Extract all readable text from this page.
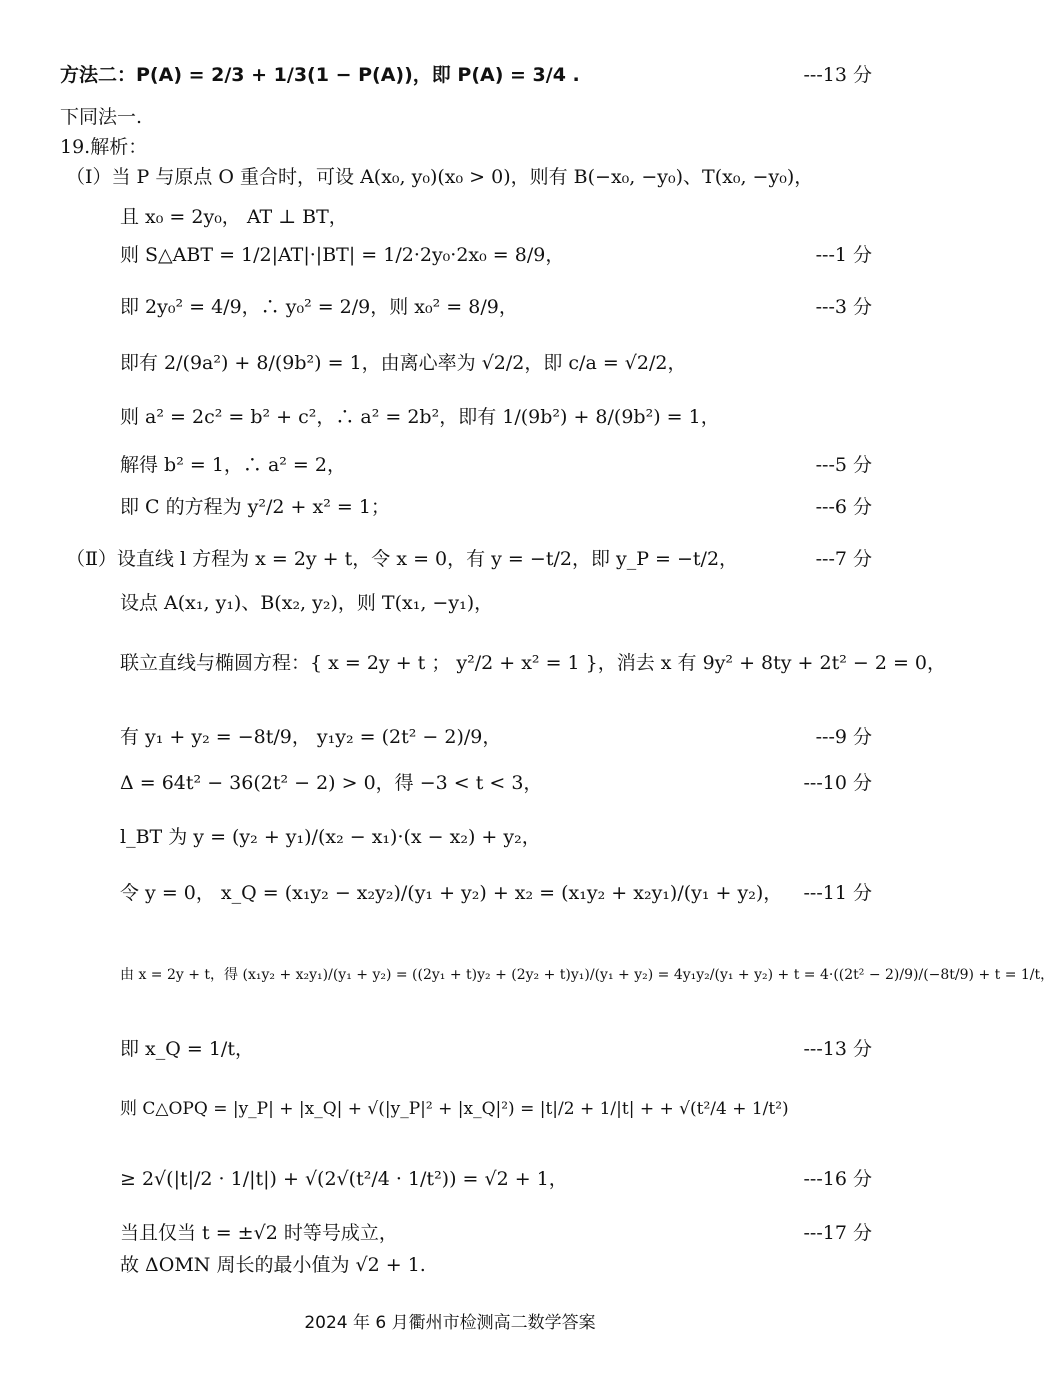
方法二：P(A) = 2/3 + 1/3(1 − P(A))，即 P(A) = 3/4 .	---13 分
下同法一.
19.解析：
（Ⅰ）当 P 与原点 O 重合时，可设 A(x₀, y₀)(x₀ > 0)，则有 B(−x₀, −y₀)、T(x₀, −y₀)，
且 x₀ = 2y₀， AT ⊥ BT，
则 S△ABT = 1/2|AT|·|BT| = 1/2·2y₀·2x₀ = 8/9，	---1 分
即 2y₀² = 4/9，∴ y₀² = 2/9，则 x₀² = 8/9，	---3 分
即有 2/(9a²) + 8/(9b²) = 1，由离心率为 √2/2，即 c/a = √2/2，
则 a² = 2c² = b² + c²，∴ a² = 2b²，即有 1/(9b²) + 8/(9b²) = 1，
解得 b² = 1，∴ a² = 2，	---5 分
即 C 的方程为 y²/2 + x² = 1；	---6 分
（Ⅱ）设直线 l 方程为 x = 2y + t，令 x = 0，有 y = −t/2，即 y_P = −t/2，	---7 分
设点 A(x₁, y₁)、B(x₂, y₂)，则 T(x₁, −y₁)，
联立直线与椭圆方程：{ x = 2y + t ； y²/2 + x² = 1 }，消去 x 有 9y² + 8ty + 2t² − 2 = 0，
有 y₁ + y₂ = −8t/9， y₁y₂ = (2t² − 2)/9，	---9 分
Δ = 64t² − 36(2t² − 2) > 0，得 −3 < t < 3，	---10 分
l_BT 为 y = (y₂ + y₁)/(x₂ − x₁)·(x − x₂) + y₂，
令 y = 0， x_Q = (x₁y₂ − x₂y₂)/(y₁ + y₂) + x₂ = (x₁y₂ + x₂y₁)/(y₁ + y₂)，	---11 分
由 x = 2y + t，得 (x₁y₂ + x₂y₁)/(y₁ + y₂) = ((2y₁ + t)y₂ + (2y₂ + t)y₁)/(y₁ + y₂) = 4y₁y₂/(y₁ + y₂) + t = 4·((2t² − 2)/9)/(−8t/9) + t = 1/t，
即 x_Q = 1/t，	---13 分
则 C△OPQ = |y_P| + |x_Q| + √(|y_P|² + |x_Q|²) = |t|/2 + 1/|t| + + √(t²/4 + 1/t²)
≥ 2√(|t|/2 · 1/|t|) + √(2√(t²/4 · 1/t²)) = √2 + 1，	---16 分
当且仅当 t = ±√2 时等号成立，	---17 分
故 ΔOMN 周长的最小值为 √2 + 1.
2024 年 6 月衢州市检测高二数学答案
